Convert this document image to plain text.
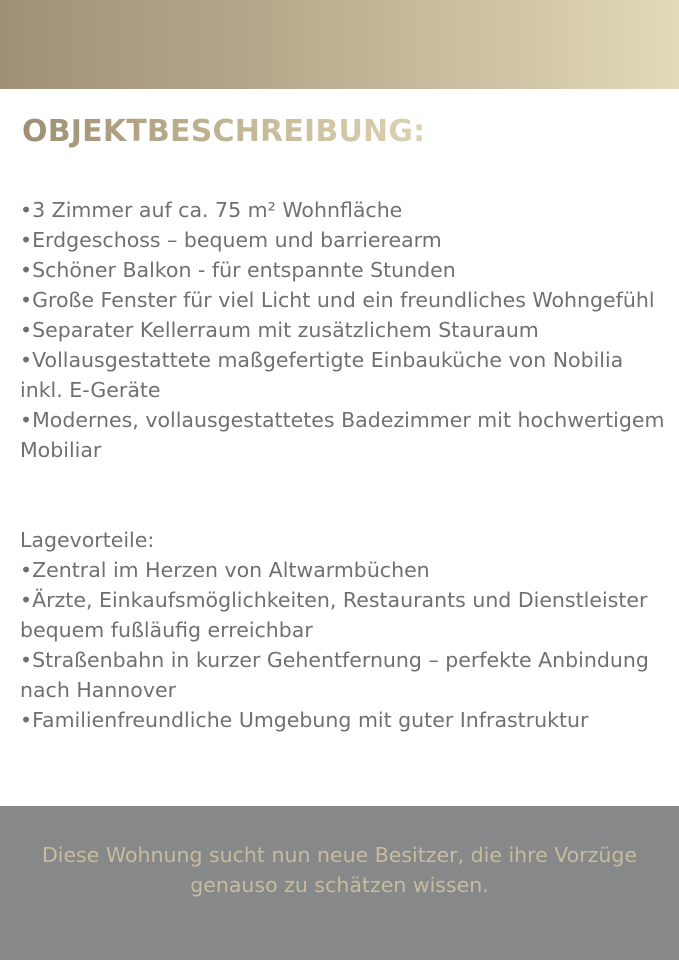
OBJEKTBESCHREIBUNG:

•3 Zimmer auf ca. 75 m² Wohnfläche

•Erdgeschoss – bequem und barrierearm

•Schöner Balkon - für entspannte Stunden

•Große Fenster für viel Licht und ein freundliches Wohngefühl

•Separater Kellerraum mit zusätzlichem Stauraum

•Vollausgestattete maßgefertigte Einbauküche von Nobilia inkl. E-Geräte

•Modernes, vollausgestattetes Badezimmer mit hochwertigem Mobiliar

Lagevorteile:

•Zentral im Herzen von Altwarmbüchen

•Ärzte, Einkaufsmöglichkeiten, Restaurants und Dienstleister bequem fußläufig erreichbar

•Straßenbahn in kurzer Gehentfernung – perfekte Anbindung nach Hannover

•Familienfreundliche Umgebung mit guter Infrastruktur

Diese Wohnung sucht nun neue Besitzer, die ihre Vorzüge

genauso zu schätzen wissen.
